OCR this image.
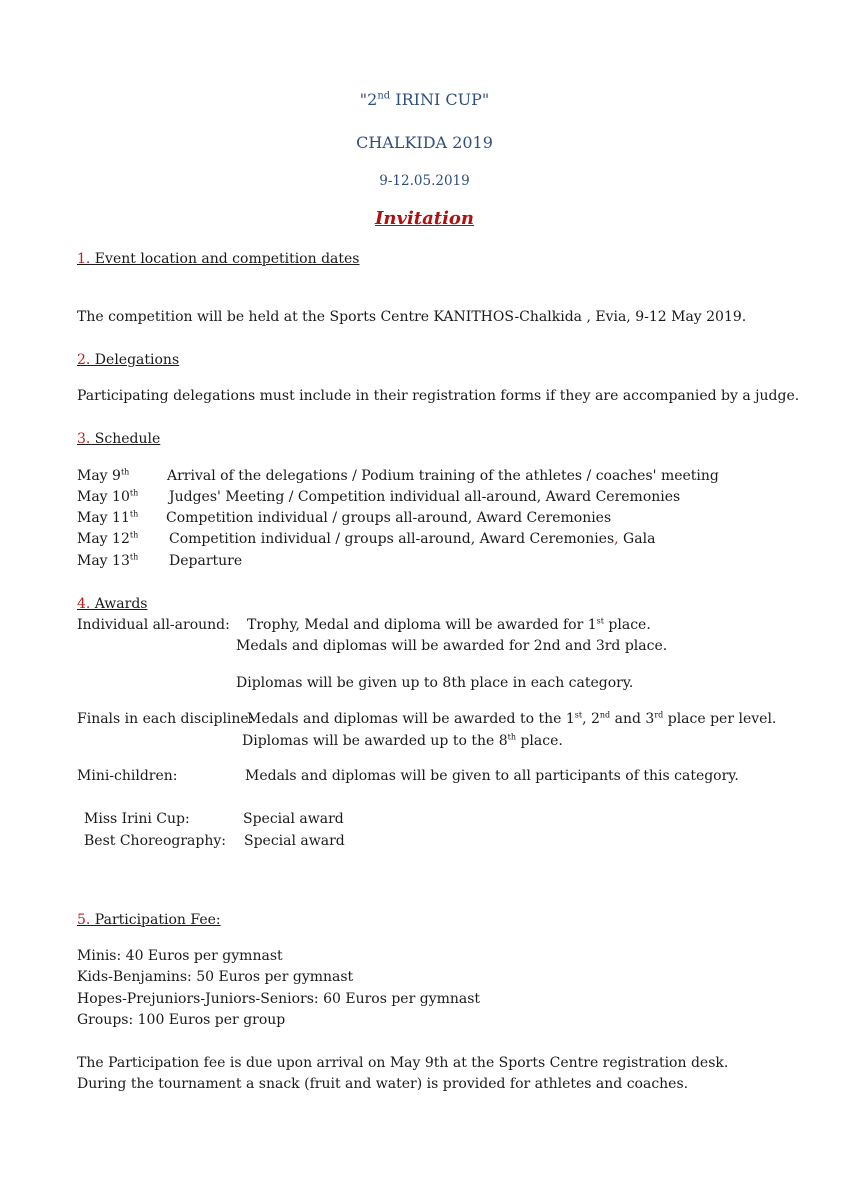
"2nd IRINI CUP"
CHALKIDA 2019
9-12.05.2019
Invitation
1. Event location and competition dates
The competition will be held at the Sports Centre KANITHOS-Chalkida , Evia, 9-12 May 2019.
2. Delegations
Participating delegations must include in their registration forms if they are accompanied by a judge.
3. Schedule
May 9th	Arrival of the delegations / Podium training of the athletes / coaches' meeting
May 10th Judges' Meeting / Competition individual all-around, Award Ceremonies
May 11th Competition individual / groups all-around, Award Ceremonies
May 12th Competition individual / groups all-around, Award Ceremonies, Gala
May 13th Departure
4. Awards
Individual all-around: Trophy, Medal and diploma will be awarded for 1st place.
Medals and diplomas will be awarded for 2nd and 3rd place.
Diplomas will be given up to 8th place in each category.
Finals in each discipline:
Medals and diplomas will be awarded to the 1st, 2nd and 3rd place per level.
Diplomas will be awarded up to the 8th place.
Mini-children:	Medals and diplomas will be given to all participants of this category.
Miss Irini Cup:	Special award
Best Choreography: Special award
5. Participation Fee:
Minis: 40 Euros per gymnast
Kids-Benjamins: 50 Euros per gymnast
Hopes-Prejuniors-Juniors-Seniors: 60 Euros per gymnast
Groups: 100 Euros per group
The Participation fee is due upon arrival on May 9th at the Sports Centre registration desk.
During the tournament a snack (fruit and water) is provided for athletes and coaches.
